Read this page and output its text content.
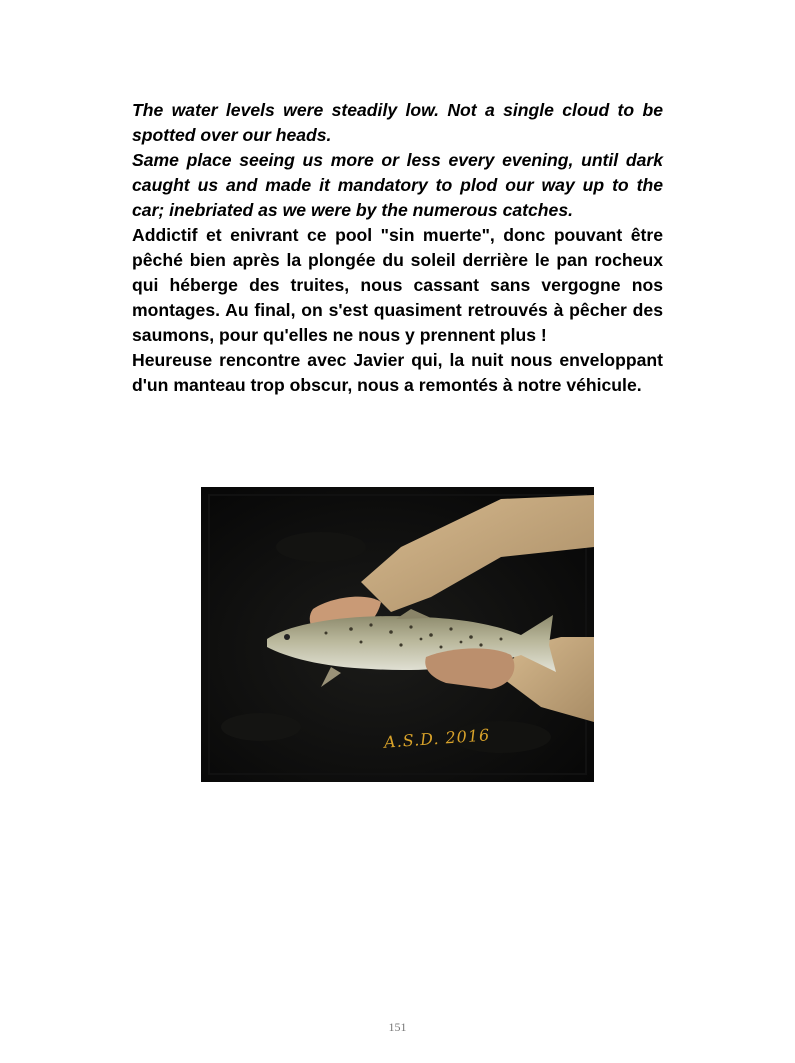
The water levels were steadily low. Not a single cloud to be spotted over our heads.

Same place seeing us more or less every evening, until dark caught us and made it mandatory to plod our way up to the car; inebriated as we were by the numerous catches.

Addictif et enivrant ce pool "sin muerte", donc pouvant être pêché bien après la plongée du soleil derrière le pan rocheux qui héberge des truites, nous cassant sans vergogne nos montages. Au final, on s'est quasiment retrouvés à pêcher des saumons, pour qu'elles ne nous y prennent plus !

Heureuse rencontre avec Javier qui, la nuit nous enveloppant d'un manteau trop obscur, nous a remontés à notre véhicule.

A.S.D. 2016
151
